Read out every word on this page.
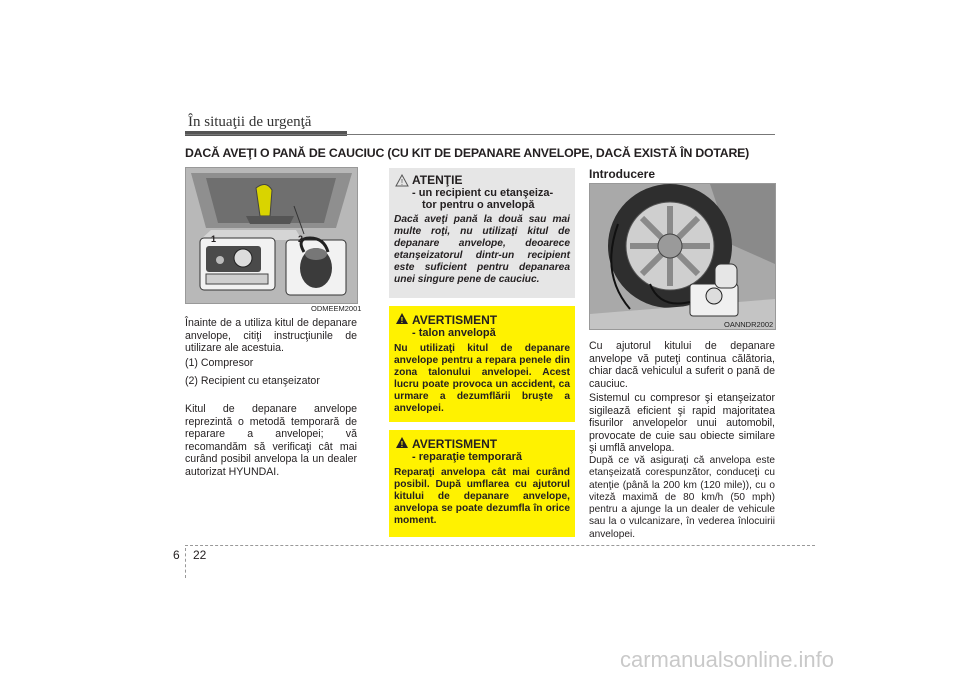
În situaţii de urgenţă
DACĂ AVEŢI O PANĂ DE CAUCIUC (CU KIT DE DEPANARE ANVELOPE, DACĂ EXISTĂ ÎN DOTARE)
1	2
ODMEEM2001

Înainte de a utiliza kitul de depanare anvelope, citiţi instrucţiunile de utilizare ale acestuia.

(1) Compresor

(2) Recipient cu etanşeizator

Kitul de depanare anvelope reprezintă o metodă temporară de reparare a anvelopei; vă recomandăm să verificaţi cât mai curând posibil anvelopa la un dealer autorizat HYUNDAI.

! ATENŢIE
- un recipient cu etanşeiza-
tor pentru o anvelopă

Dacă aveţi pană la două sau mai multe roţi, nu utilizaţi kitul de depanare anvelope, deoarece etanşeizatorul dintr-un recipient este suficient pentru depanarea unei singure pene de cauciuc.

! AVERTISMENT
- talon anvelopă

Nu utilizaţi kitul de depanare anvelope pentru a repara penele din zona talonului anvelopei. Acest lucru poate provoca un accident, ca urmare a dezumflării bruşte a anvelopei.

! AVERTISMENT
- reparaţie temporară

Reparaţi anvelopa cât mai curând posibil. După umflarea cu ajutorul kitului de depanare anvelope, anvelopa se poate dezumfla în orice moment.

Introducere
OANNDR2002

Cu ajutorul kitului de depanare anvelope vă puteţi continua călătoria, chiar dacă vehiculul a suferit o pană de cauciuc.

Sistemul cu compresor şi etanşeizator sigilează eficient şi rapid majoritatea fisurilor anvelopelor unui automobil, provocate de cuie sau obiecte similare şi umflă anvelopa.

După ce vă asiguraţi că anvelopa este etanşeizată corespunzător, conduceţi cu atenţie (până la 200 km (120 mile)), cu o viteză maximă de 80 km/h (50 mph) pentru a ajunge la un dealer de vehicule sau la o vulcanizare, în vederea înlocuirii anvelopei.

6 22
carmanualsonline.info
